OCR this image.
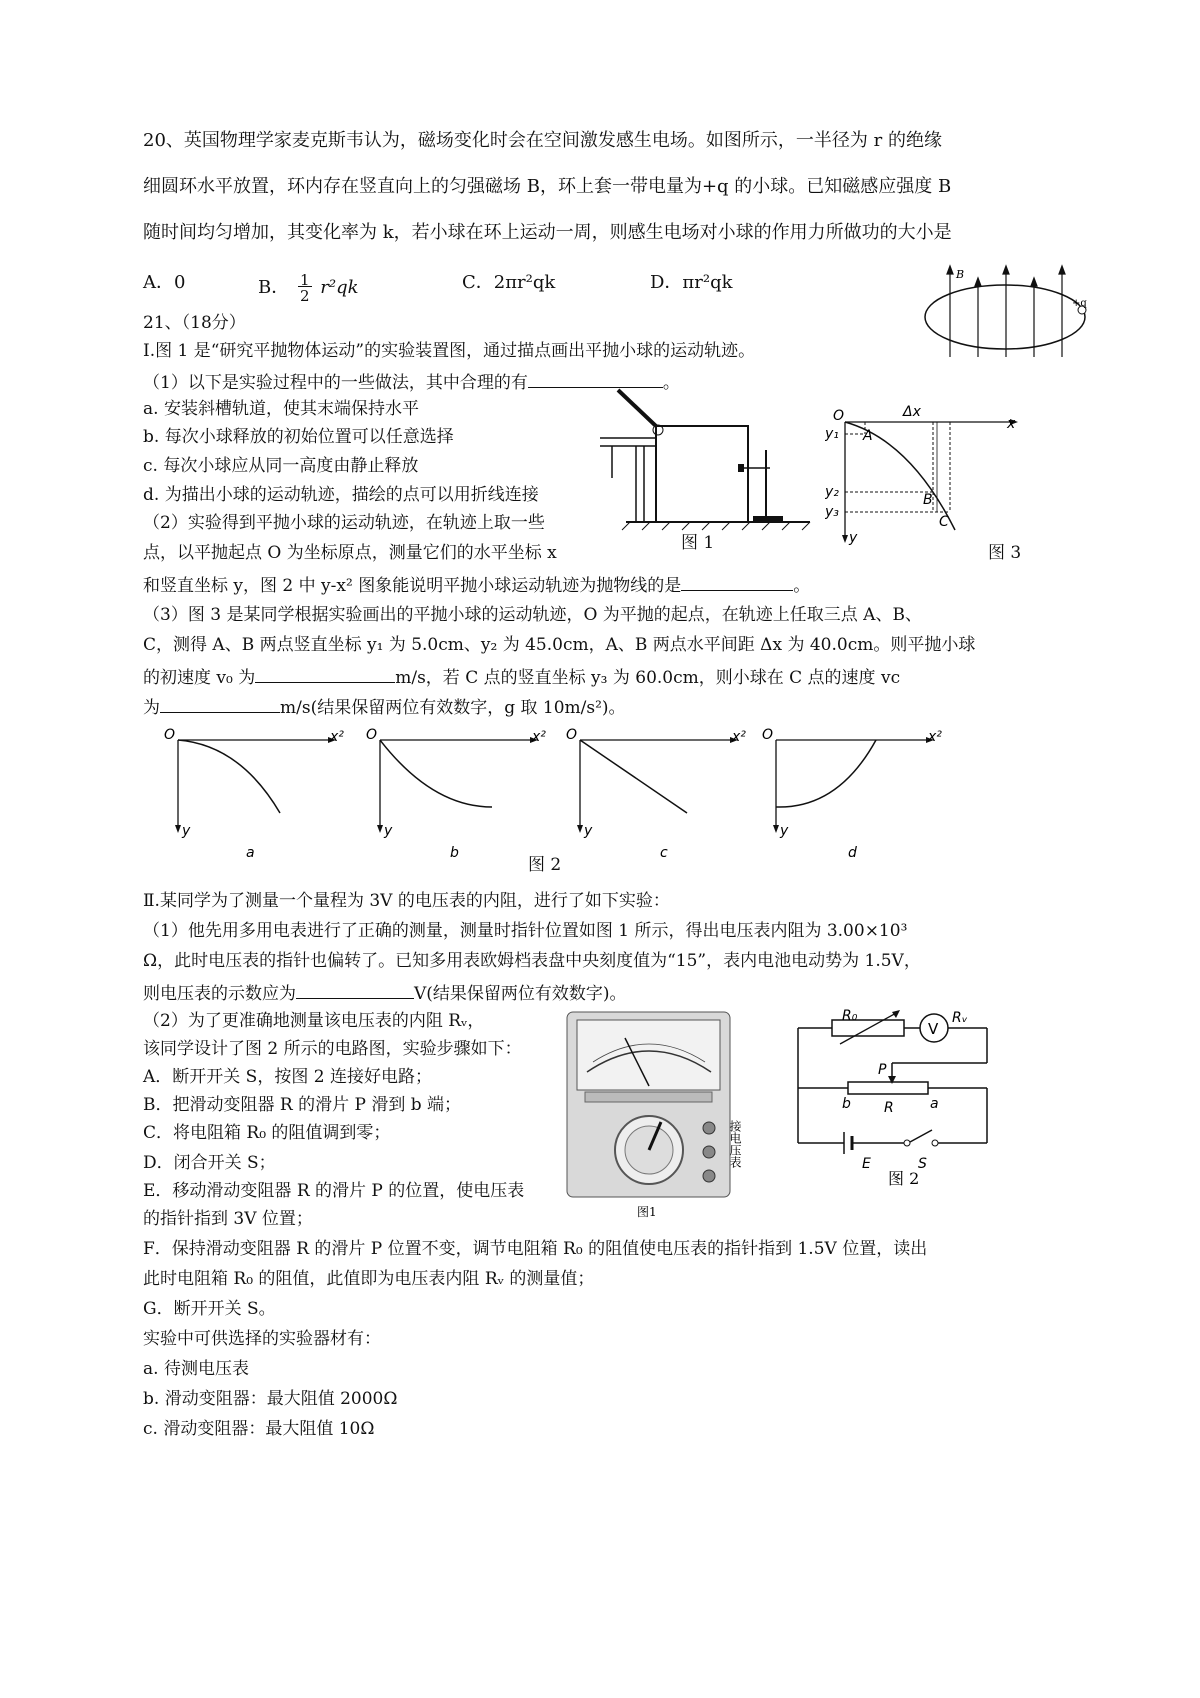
20、英国物理学家麦克斯韦认为，磁场变化时会在空间激发感生电场。如图所示，一半径为 r 的绝缘
细圆环水平放置，环内存在竖直向上的匀强磁场 B，环上套一带电量为+q 的小球。已知磁感应强度 B
随时间均匀增加，其变化率为 k，若小球在环上运动一周，则感生电场对小球的作用力所做功的大小是
A．0	B． 1
2 r²qk	C．2πr²qk	D．πr²qk	B
+q
21、（18分）
I.图 1 是“研究平抛物体运动”的实验装置图，通过描点画出平抛小球的运动轨迹。
（1）以下是实验过程中的一些做法，其中合理的有	。
a. 安装斜槽轨道，使其末端保持水平
b. 每次小球释放的初始位置可以任意选择
c. 每次小球应从同一高度由静止释放
d. 为描出小球的运动轨迹，描绘的点可以用折线连接
（2）实验得到平抛小球的运动轨迹，在轨迹上取一些
点，以平抛起点 O 为坐标原点，测量它们的水平坐标 x
和竖直坐标 y，图 2 中 y-x² 图象能说明平抛小球运动轨迹为抛物线的是	。
（3）图 3 是某同学根据实验画出的平抛小球的运动轨迹，O 为平抛的起点，在轨迹上任取三点 A、B、
C，测得 A、B 两点竖直坐标 y₁ 为 5.0cm、y₂ 为 45.0cm，A、B 两点水平间距 Δx 为 40.0cm。则平抛小球
的初速度 v₀ 为	m/s，若 C 点的竖直坐标 y₃ 为 60.0cm，则小球在 C 点的速度 vc
为	m/s(结果保留两位有效数字，g 取 10m/s²)。
图 1
O	Δx
x
y₁
y₂
y₃
A
B
C
y
图 3
O	x²
y
a
O	x²
y
b
O	x²
y
c
O	x²
y
d
图 2
Ⅱ.某同学为了测量一个量程为 3V 的电压表的内阻，进行了如下实验：
（1）他先用多用电表进行了正确的测量，测量时指针位置如图 1 所示，得出电压表内阻为 3.00×10³
Ω，此时电压表的指针也偏转了。已知多用表欧姆档表盘中央刻度值为“15”，表内电池电动势为 1.5V，
则电压表的示数应为	V(结果保留两位有效数字)。
（2）为了更准确地测量该电压表的内阻 Rᵥ，
该同学设计了图 2 所示的电路图，实验步骤如下：
A．断开开关 S，按图 2 连接好电路；
B．把滑动变阻器 R 的滑片 P 滑到 b 端；
C．将电阻箱 R₀ 的阻值调到零；
D．闭合开关 S；
E．移动滑动变阻器 R 的滑片 P 的位置，使电压表
的指针指到 3V 位置；
F．保持滑动变阻器 R 的滑片 P 位置不变，调节电阻箱 R₀ 的阻值使电压表的指针指到 1.5V 位置，读出
此时电阻箱 R₀ 的阻值，此值即为电压表内阻 Rᵥ 的测量值；
G．断开开关 S。
实验中可供选择的实验器材有：
a. 待测电压表
b. 滑动变阻器：最大阻值 2000Ω
c. 滑动变阻器：最大阻值 10Ω
接电压表
图1
V
R₀	Rᵥ
P
b R	a
E	S
图 2
